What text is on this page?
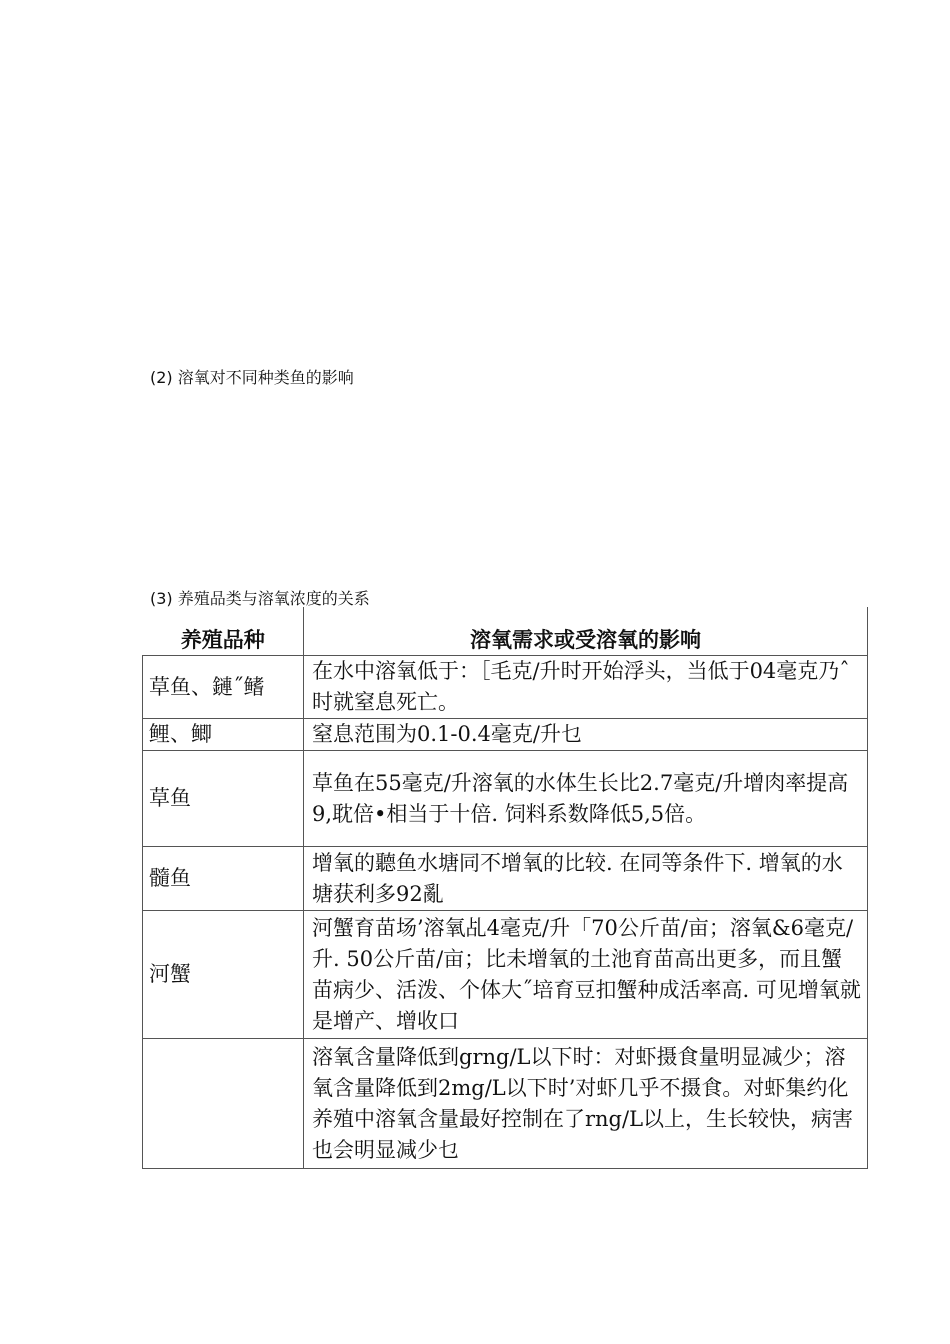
(2) 溶氧对不同种类鱼的影响
(3) 养殖品类与溶氧浓度的关系
养殖品种	溶氧需求或受溶氧的影响
草鱼、鏈˝鳍	在水中溶氧低于：［毛克/升时开始浮头，当低于04毫克乃ˆ时就窒息死亡。
鲤、鲫	窒息范围为0.1-0.4毫克/升乜
草鱼	草鱼在55毫克/升溶氧的水体生长比2.7毫克/升增肉率提高9,耽倍•相当于十倍. 饲料系数降低5,5倍。
髓鱼	增氧的聽鱼水塘同不增氧的比较. 在同等条件下. 增氧的水塘获利多92亂
河蟹	河蟹育苗场’溶氧乩4毫克/升「70公斤苗/亩；溶氧&6毫克/升. 50公斤苗/亩；比未增氧的土池育苗高出更多，而且蟹苗病少、活泼、个体大˝培育豆扣蟹种成活率高. 可见增氧就是增产、增收口
	溶氧含量降低到grng/L以下时：对虾摄食量明显减少；溶氧含量降低到2mg/L以下时’对虾几乎不摄食。对虾集约化养殖中溶氧含量最好控制在了rng/L以上，生长较快，病害也会明显减少乜
